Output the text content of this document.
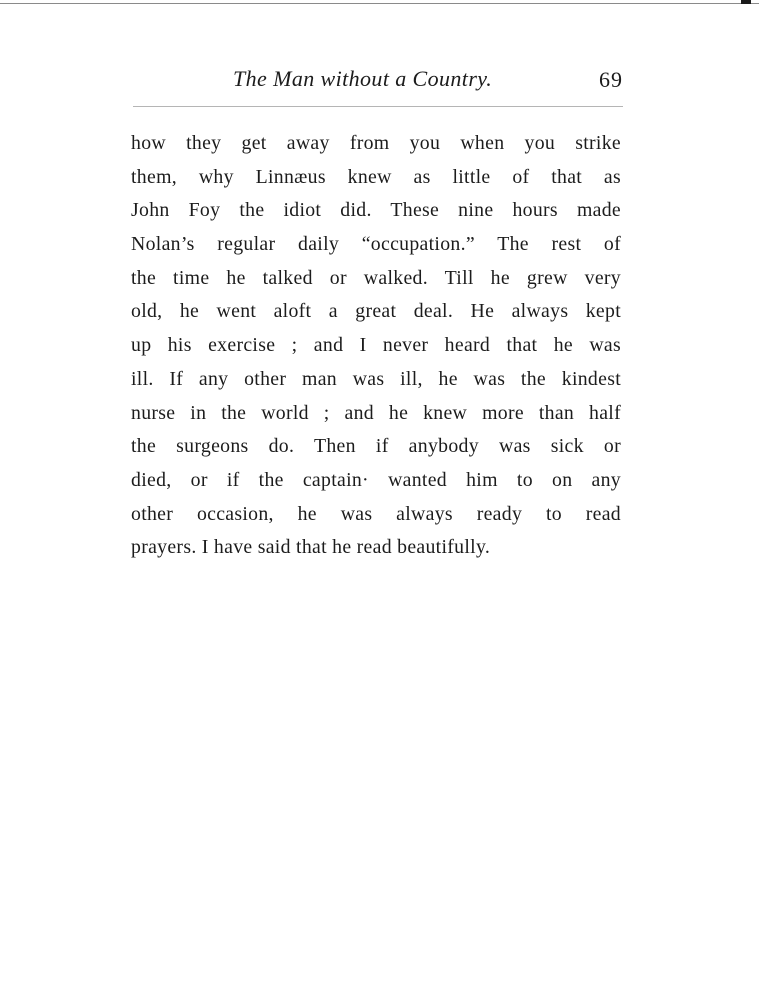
The Man without a Country.	69
how they get away from you when you strike
them, why Linnæus knew as little of that as
John Foy the idiot did. These nine hours made
Nolan’s regular daily “occupation.” The rest of
the time he talked or walked. Till he grew very
old, he went aloft a great deal. He always kept
up his exercise ; and I never heard that he was
ill. If any other man was ill, he was the kindest
nurse in the world ; and he knew more than half
the surgeons do. Then if anybody was sick or
died, or if the captain· wanted him to on any
other occasion, he was always ready to read
prayers. I have said that he read beautifully.
